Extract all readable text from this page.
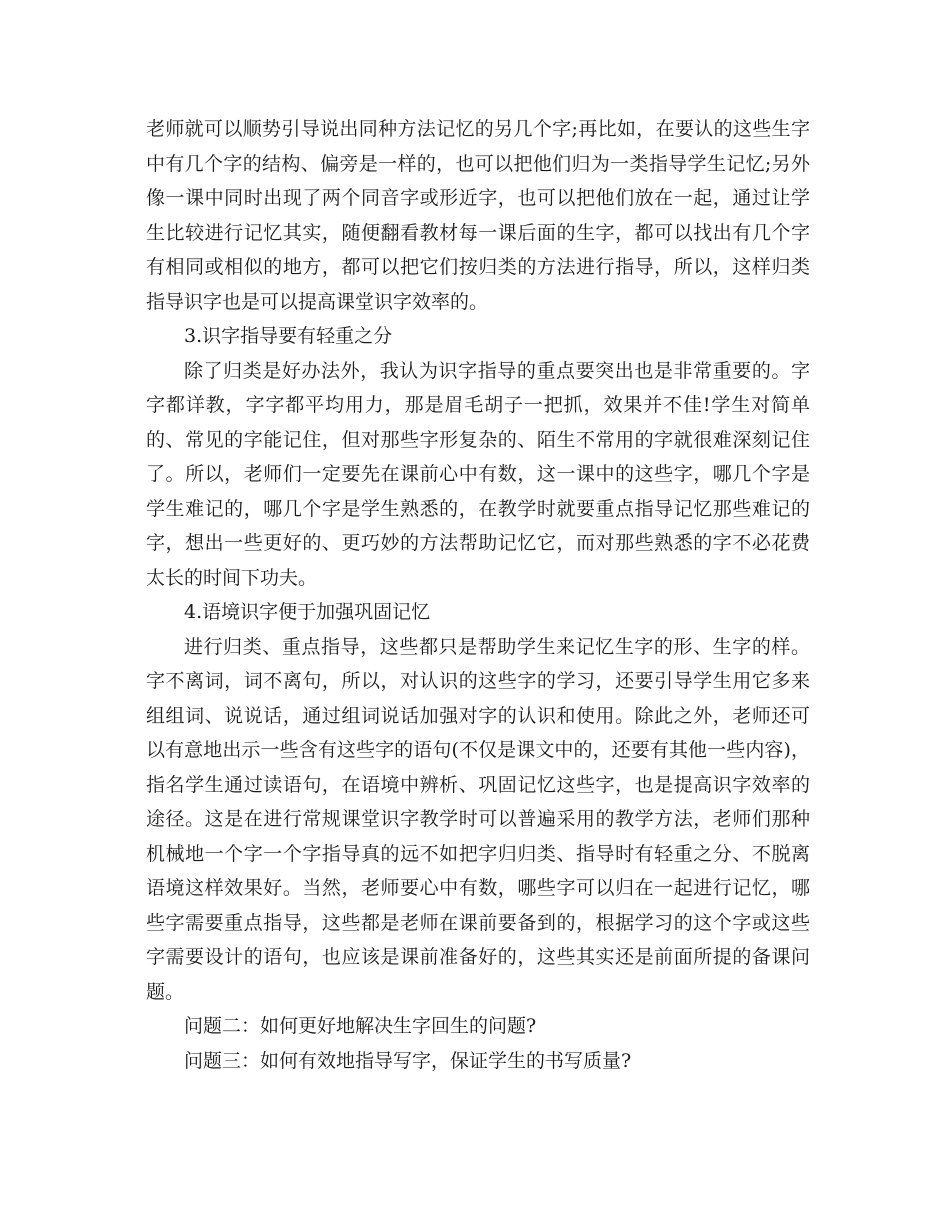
老师就可以顺势引导说出同种方法记忆的另几个字;再比如，在要认的这些生字中有几个字的结构、偏旁是一样的，也可以把他们归为一类指导学生记忆;另外像一课中同时出现了两个同音字或形近字，也可以把他们放在一起，通过让学生比较进行记忆其实，随便翻看教材每一课后面的生字，都可以找出有几个字有相同或相似的地方，都可以把它们按归类的方法进行指导，所以，这样归类指导识字也是可以提高课堂识字效率的。

3.识字指导要有轻重之分

除了归类是好办法外，我认为识字指导的重点要突出也是非常重要的。字字都详教，字字都平均用力，那是眉毛胡子一把抓，效果并不佳!学生对简单的、常见的字能记住，但对那些字形复杂的、陌生不常用的字就很难深刻记住了。所以，老师们一定要先在课前心中有数，这一课中的这些字，哪几个字是学生难记的，哪几个字是学生熟悉的，在教学时就要重点指导记忆那些难记的字，想出一些更好的、更巧妙的方法帮助记忆它，而对那些熟悉的字不必花费太长的时间下功夫。

4.语境识字便于加强巩固记忆

进行归类、重点指导，这些都只是帮助学生来记忆生字的形、生字的样。字不离词，词不离句，所以，对认识的这些字的学习，还要引导学生用它多来组组词、说说话，通过组词说话加强对字的认识和使用。除此之外，老师还可以有意地出示一些含有这些字的语句(不仅是课文中的，还要有其他一些内容)，指名学生通过读语句，在语境中辨析、巩固记忆这些字，也是提高识字效率的途径。这是在进行常规课堂识字教学时可以普遍采用的教学方法，老师们那种机械地一个字一个字指导真的远不如把字归归类、指导时有轻重之分、不脱离语境这样效果好。当然，老师要心中有数，哪些字可以归在一起进行记忆，哪些字需要重点指导，这些都是老师在课前要备到的，根据学习的这个字或这些字需要设计的语句，也应该是课前准备好的，这些其实还是前面所提的备课问题。

问题二：如何更好地解决生字回生的问题?

问题三：如何有效地指导写字，保证学生的书写质量?
